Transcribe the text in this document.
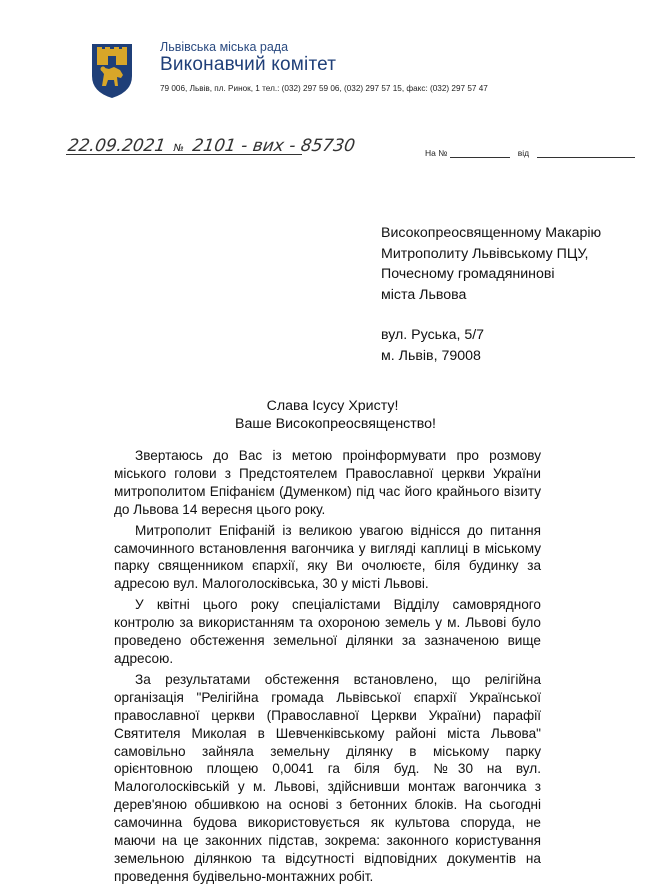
Львівська міська рада
Виконавчий комітет
79 006, Львів, пл. Ринок, 1 тел.: (032) 297 59 06, (032) 297 57 15, факс: (032) 297 57 47
22.09.2021 № 2101 - вих - 85730	На №	від
Високопреосвященному Макарію
Митрополиту Львівському ПЦУ,
Почесному громадянинові
міста Львова
вул. Руська, 5/7
м. Львів, 79008
Слава Ісусу Христу!
Ваше Високопреосвященство!

Звертаюсь до Вас із метою проінформувати про розмову міського голови з Предстоятелем Православної церкви України митрополитом Епіфанієм (Думенком) під час його крайнього візиту до Львова 14 вересня цього року.

Митрополит Епіфаній із великою увагою віднісся до питання самочинного встановлення вагончика у вигляді каплиці в міському парку священником єпархії, яку Ви очолюєте, біля будинку за адресою вул. Малоголосківська, 30 у місті Львові.

У квітні цього року спеціалістами Відділу самоврядного контролю за використанням та охороною земель у м. Львові було проведено обстеження земельної ділянки за зазначеною вище адресою.

За результатами обстеження встановлено, що релігійна організація "Релігійна громада Львівської єпархії Української православної церкви (Православної Церкви України) парафії Святителя Миколая в Шевченківському районі міста Львова" самовільно зайняла земельну ділянку в міському парку орієнтовною площею 0,0041 га біля буд. №30 на вул. Малоголосківській у м. Львові, здійснивши монтаж вагончика з дерев'яною обшивкою на основі з бетонних блоків. На сьогодні самочинна будова використовується як культова споруда, не маючи на це законних підстав, зокрема: законного користування земельною ділянкою та відсутності відповідних документів на проведення будівельно-монтажних робіт.
